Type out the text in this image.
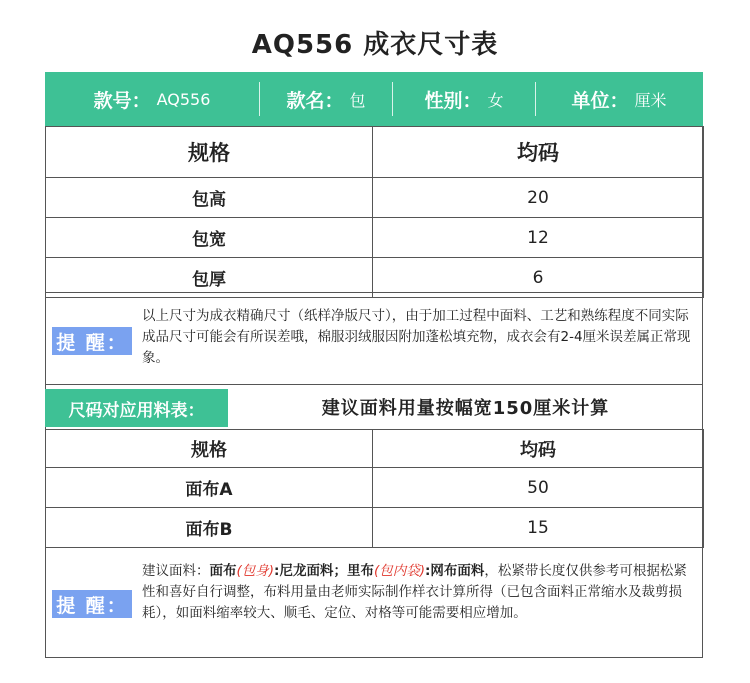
AQ556 成衣尺寸表
款号： AQ556	款名： 包	性别： 女	单位： 厘米
规格	均码
包高	20
包宽	12
包厚	6
提 醒：
以上尺寸为成衣精确尺寸（纸样净版尺寸），由于加工过程中面料、工艺和熟练程度不同实际成品尺寸可能会有所误差哦，棉服羽绒服因附加蓬松填充物，成衣会有2-4厘米误差属正常现象。
尺码对应用料表：	建议面料用量按幅宽150厘米计算
规格	均码
面布A	50
面布B	15
提 醒：
建议面料：面布(包身):尼龙面料；里布(包内袋):网布面料，松紧带长度仅供参考可根据松紧性和喜好自行调整，布料用量由老师实际制作样衣计算所得（已包含面料正常缩水及裁剪损耗），如面料缩率较大、顺毛、定位、对格等可能需要相应增加。
